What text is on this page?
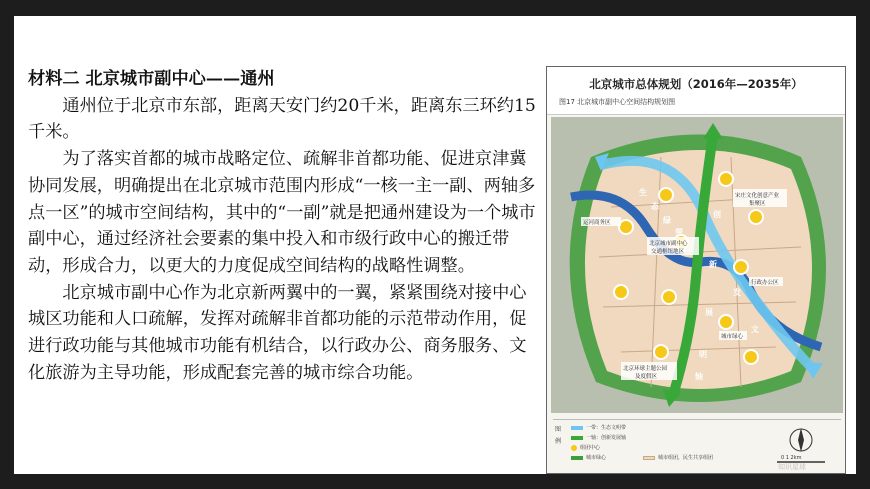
材料二 北京城市副中心——通州

通州位于北京市东部，距离天安门约20千米，距离东三环约15千米。

为了落实首都的城市战略定位、疏解非首都功能、促进京津冀协同发展，明确提出在北京城市范围内形成“一核一主一副、两轴多点一区”的城市空间结构，其中的“一副”就是把通州建设为一个城市副中心，通过经济社会要素的集中投入和市级行政中心的搬迁带动，形成合力，以更大的力度促成空间结构的战略性调整。

北京城市副中心作为北京新两翼中的一翼，紧紧围绕对接中心城区功能和人口疏解，发挥对疏解非首都功能的示范带动作用，促进行政功能与其他城市功能有机结合，以行政办公、商务服务、文化旅游为主导功能，形成配套完善的城市综合功能。

北京城市总体规划（2016年—2035年）
图17 北京城市副中心空间结构规划图
运河商务区
宋庄文化创意产业
集聚区
北京城市副中心
交通枢纽地区
行政办公区
城市绿心
北京环球主题公园
及度假区
生
态
绿
带
创
新
发
展
文
明
轴
图例
一带：生态文明带
一轴：创新发展轴
组团中心
城市绿心	城市组团，民生共享组团	0 1 2km
知识星球
